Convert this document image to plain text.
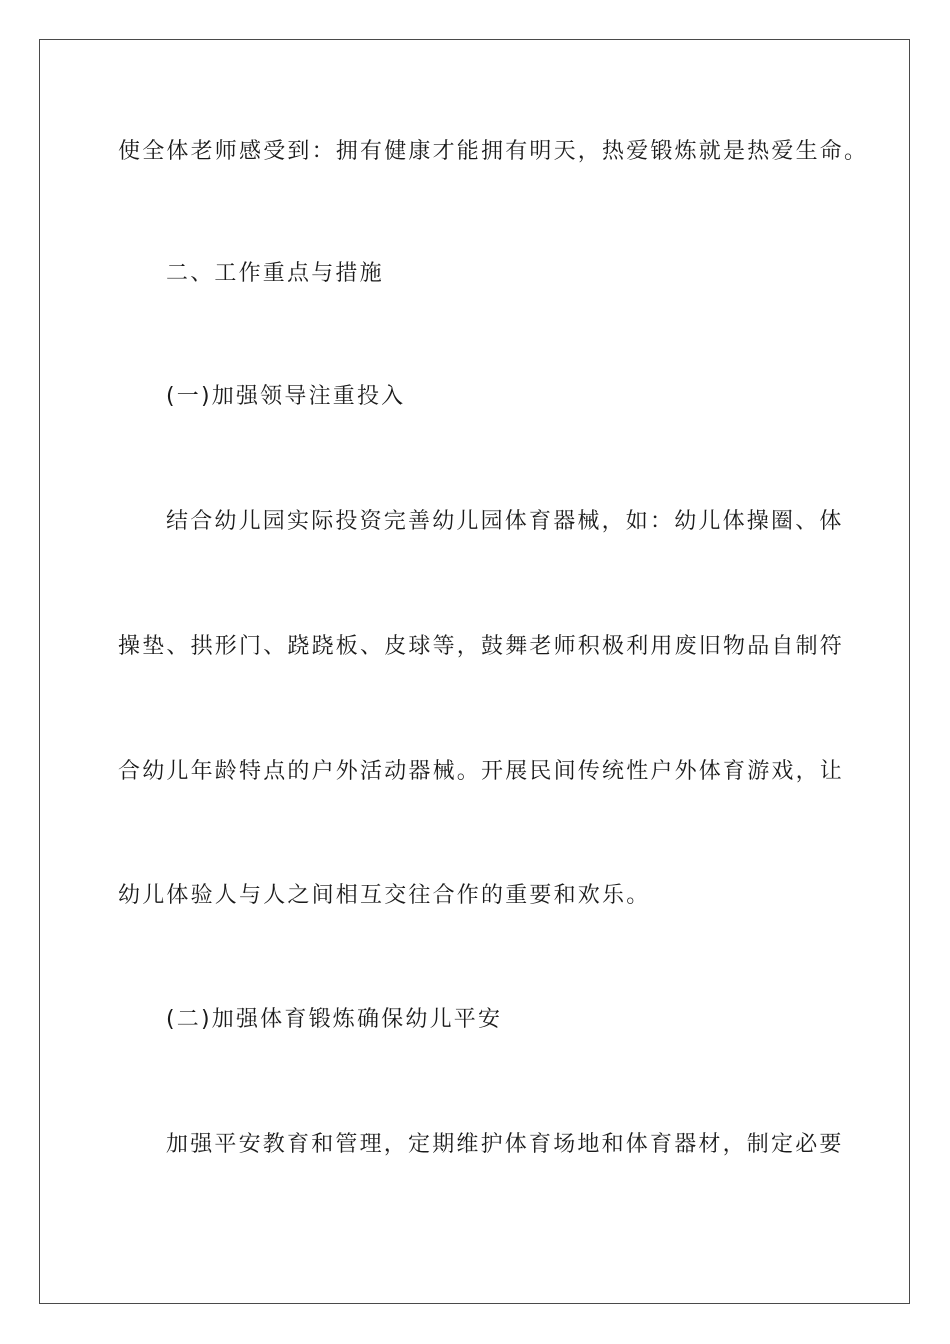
使全体老师感受到：拥有健康才能拥有明天，热爱锻炼就是热爱生命。
二、工作重点与措施
(一)加强领导注重投入
结合幼儿园实际投资完善幼儿园体育器械，如：幼儿体操圈、体
操垫、拱形门、跷跷板、皮球等，鼓舞老师积极利用废旧物品自制符
合幼儿年龄特点的户外活动器械。开展民间传统性户外体育游戏，让
幼儿体验人与人之间相互交往合作的重要和欢乐。
(二)加强体育锻炼确保幼儿平安
加强平安教育和管理，定期维护体育场地和体育器材，制定必要
